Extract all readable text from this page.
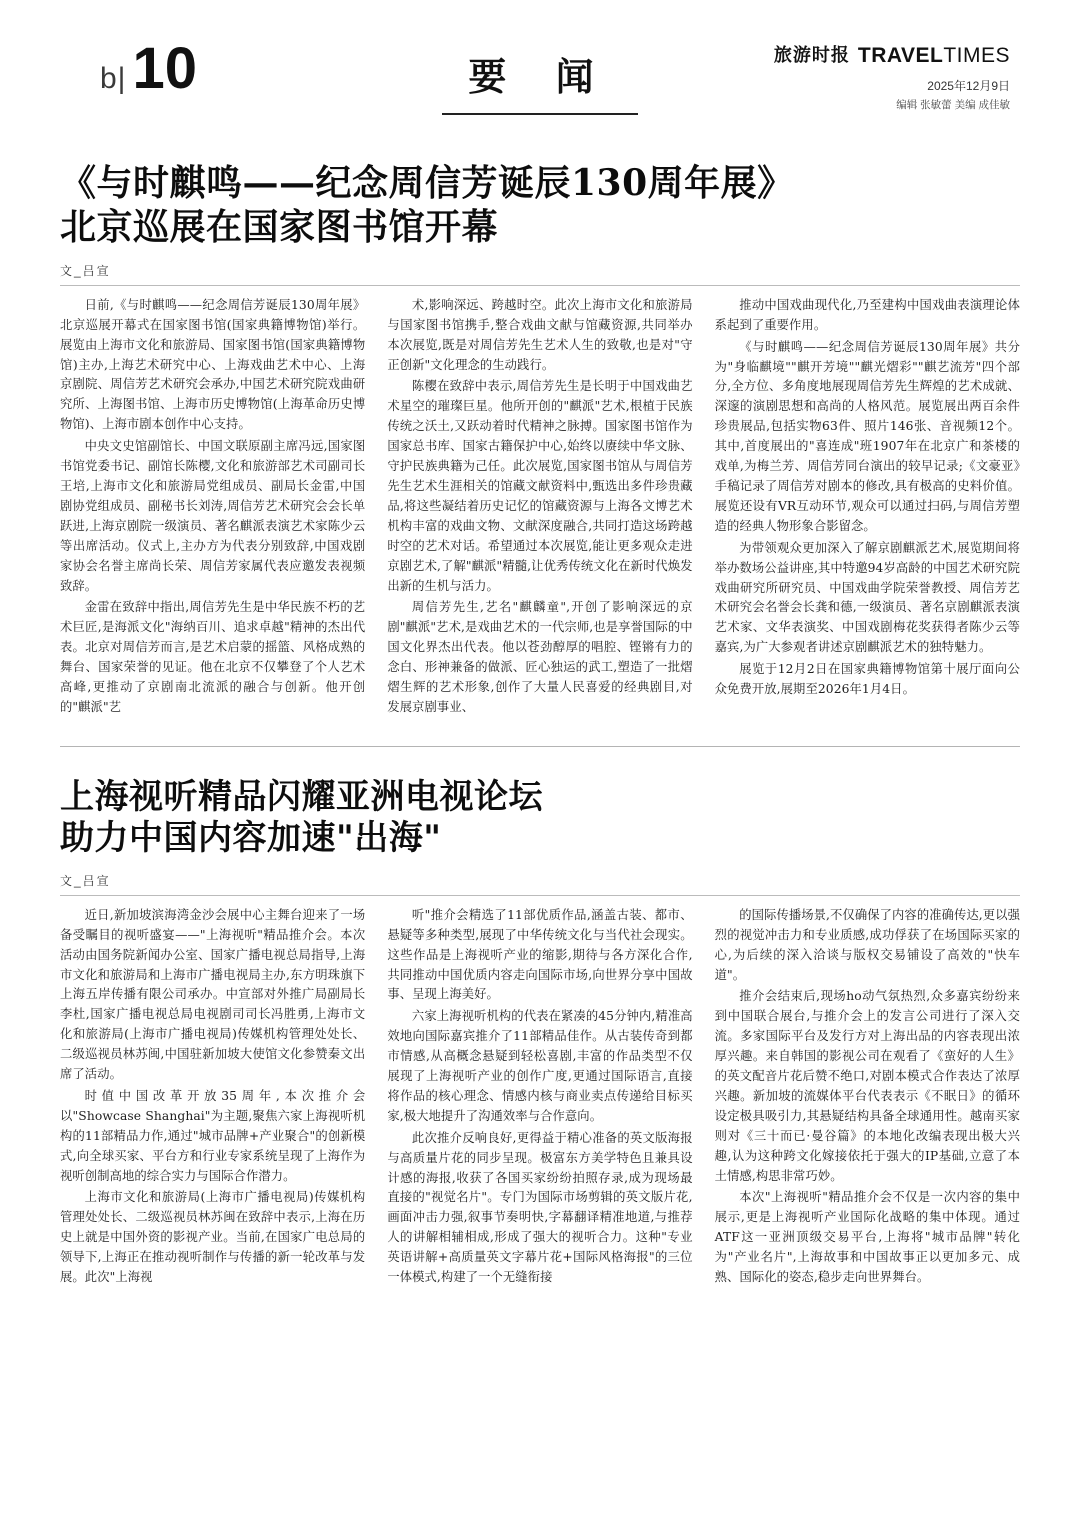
b| 10	要 闻	旅游时报 TRAVELTIMES
2025年12月9日
编辑 张敏蕾 美编 成佳敏
《与时麒鸣——纪念周信芳诞辰130周年展》
北京巡展在国家图书馆开幕
文_吕宣

日前,《与时麒鸣——纪念周信芳诞辰130周年展》北京巡展开幕式在国家图书馆(国家典籍博物馆)举行。展览由上海市文化和旅游局、国家图书馆(国家典籍博物馆)主办,上海艺术研究中心、上海戏曲艺术中心、上海京剧院、周信芳艺术研究会承办,中国艺术研究院戏曲研究所、上海图书馆、上海市历史博物馆(上海革命历史博物馆)、上海市剧本创作中心支持。

中央文史馆副馆长、中国文联原副主席冯远,国家图书馆党委书记、副馆长陈樱,文化和旅游部艺术司副司长王培,上海市文化和旅游局党组成员、副局长金雷,中国剧协党组成员、副秘书长刘涛,周信芳艺术研究会会长单跃进,上海京剧院一级演员、著名麒派表演艺术家陈少云等出席活动。仪式上,主办方为代表分别致辞,中国戏剧家协会名誉主席尚长荣、周信芳家属代表应邀发表视频致辞。

金雷在致辞中指出,周信芳先生是中华民族不朽的艺术巨匠,是海派文化"海纳百川、追求卓越"精神的杰出代表。北京对周信芳而言,是艺术启蒙的摇篮、风格成熟的舞台、国家荣誉的见证。他在北京不仅攀登了个人艺术高峰,更推动了京剧南北流派的融合与创新。他开创的"麒派"艺

术,影响深远、跨越时空。此次上海市文化和旅游局与国家图书馆携手,整合戏曲文献与馆藏资源,共同举办本次展览,既是对周信芳先生艺术人生的致敬,也是对"守正创新"文化理念的生动践行。

陈樱在致辞中表示,周信芳先生是长明于中国戏曲艺术星空的璀璨巨星。他所开创的"麒派"艺术,根植于民族传统之沃土,又跃动着时代精神之脉搏。国家图书馆作为国家总书库、国家古籍保护中心,始终以赓续中华文脉、守护民族典籍为己任。此次展览,国家图书馆从与周信芳先生艺术生涯相关的馆藏文献资料中,甄选出多件珍贵藏品,将这些凝结着历史记忆的馆藏资源与上海各文博艺术机构丰富的戏曲文物、文献深度融合,共同打造这场跨越时空的艺术对话。希望通过本次展览,能让更多观众走进京剧艺术,了解"麒派"精髓,让优秀传统文化在新时代焕发出新的生机与活力。

周信芳先生,艺名"麒麟童",开创了影响深远的京剧"麒派"艺术,是戏曲艺术的一代宗师,也是享誉国际的中国文化界杰出代表。他以苍劲醇厚的唱腔、铿锵有力的念白、形神兼备的做派、匠心独运的武工,塑造了一批熠熠生辉的艺术形象,创作了大量人民喜爱的经典剧目,对发展京剧事业、

推动中国戏曲现代化,乃至建构中国戏曲表演理论体系起到了重要作用。

《与时麒鸣——纪念周信芳诞辰130周年展》共分为"身临麒境""麒开芳境""麒光熠彩""麒艺流芳"四个部分,全方位、多角度地展现周信芳先生辉煌的艺术成就、深邃的演剧思想和高尚的人格风范。展览展出两百余件珍贵展品,包括实物63件、照片146张、音视频12个。其中,首度展出的"喜连成"班1907年在北京广和茶楼的戏单,为梅兰芳、周信芳同台演出的较早记录;《文豪亚》手稿记录了周信芳对剧本的修改,具有极高的史料价值。展览还设有VR互动环节,观众可以通过扫码,与周信芳塑造的经典人物形象合影留念。

为带领观众更加深入了解京剧麒派艺术,展览期间将举办数场公益讲座,其中特邀94岁高龄的中国艺术研究院戏曲研究所研究员、中国戏曲学院荣誉教授、周信芳艺术研究会名誉会长龚和德,一级演员、著名京剧麒派表演艺术家、文华表演奖、中国戏剧梅花奖获得者陈少云等嘉宾,为广大参观者讲述京剧麒派艺术的独特魅力。

展览于12月2日在国家典籍博物馆第十展厅面向公众免费开放,展期至2026年1月4日。

上海视听精品闪耀亚洲电视论坛
助力中国内容加速"出海"
文_吕宣

近日,新加坡滨海湾金沙会展中心主舞台迎来了一场备受瞩目的视听盛宴——"上海视听"精品推介会。本次活动由国务院新闻办公室、国家广播电视总局指导,上海市文化和旅游局和上海市广播电视局主办,东方明珠旗下上海五岸传播有限公司承办。中宣部对外推广局副局长李杜,国家广播电视总局电视剧司司长冯胜勇,上海市文化和旅游局(上海市广播电视局)传媒机构管理处处长、二级巡视员林苏闽,中国驻新加坡大使馆文化参赞秦文出席了活动。

时值中国改革开放35周年,本次推介会以"Showcase Shanghai"为主题,聚焦六家上海视听机构的11部精品力作,通过"城市品牌+产业聚合"的创新模式,向全球买家、平台方和行业专家系统呈现了上海作为视听创制高地的综合实力与国际合作潜力。

上海市文化和旅游局(上海市广播电视局)传媒机构管理处处长、二级巡视员林苏闽在致辞中表示,上海在历史上就是中国外资的影视产业。当前,在国家广电总局的领导下,上海正在推动视听制作与传播的新一轮改革与发展。此次"上海视

听"推介会精选了11部优质作品,涵盖古装、都市、悬疑等多种类型,展现了中华传统文化与当代社会现实。这些作品是上海视听产业的缩影,期待与各方深化合作,共同推动中国优质内容走向国际市场,向世界分享中国故事、呈现上海美好。

六家上海视听机构的代表在紧凑的45分钟内,精准高效地向国际嘉宾推介了11部精品佳作。从古装传奇到都市情感,从高概念悬疑到轻松喜剧,丰富的作品类型不仅展现了上海视听产业的创作广度,更通过国际语言,直接将作品的核心理念、情感内核与商业卖点传递给目标买家,极大地提升了沟通效率与合作意向。

此次推介反响良好,更得益于精心准备的英文版海报与高质量片花的同步呈现。极富东方美学特色且兼具设计感的海报,收获了各国买家纷纷拍照存录,成为现场最直接的"视觉名片"。专门为国际市场剪辑的英文版片花,画面冲击力强,叙事节奏明快,字幕翻译精准地道,与推荐人的讲解相辅相成,形成了强大的视听合力。这种"专业英语讲解+高质量英文字幕片花+国际风格海报"的三位一体模式,构建了一个无缝衔接

的国际传播场景,不仅确保了内容的准确传达,更以强烈的视觉冲击力和专业质感,成功俘获了在场国际买家的心,为后续的深入洽谈与版权交易铺设了高效的"快车道"。

推介会结束后,现场ho动气氛热烈,众多嘉宾纷纷来到中国联合展台,与推介会上的发言公司进行了深入交流。多家国际平台及发行方对上海出品的内容表现出浓厚兴趣。来自韩国的影视公司在观看了《蛮好的人生》的英文配音片花后赞不绝口,对剧本模式合作表达了浓厚兴趣。新加坡的流媒体平台代表表示《不眠日》的循环设定极具吸引力,其悬疑结构具备全球通用性。越南买家则对《三十而已·曼谷篇》的本地化改编表现出极大兴趣,认为这种跨文化嫁接依托于强大的IP基础,立意了本土情感,构思非常巧妙。

本次"上海视听"精品推介会不仅是一次内容的集中展示,更是上海视听产业国际化战略的集中体现。通过ATF这一亚洲顶级交易平台,上海将"城市品牌"转化为"产业名片",上海故事和中国故事正以更加多元、成熟、国际化的姿态,稳步走向世界舞台。
